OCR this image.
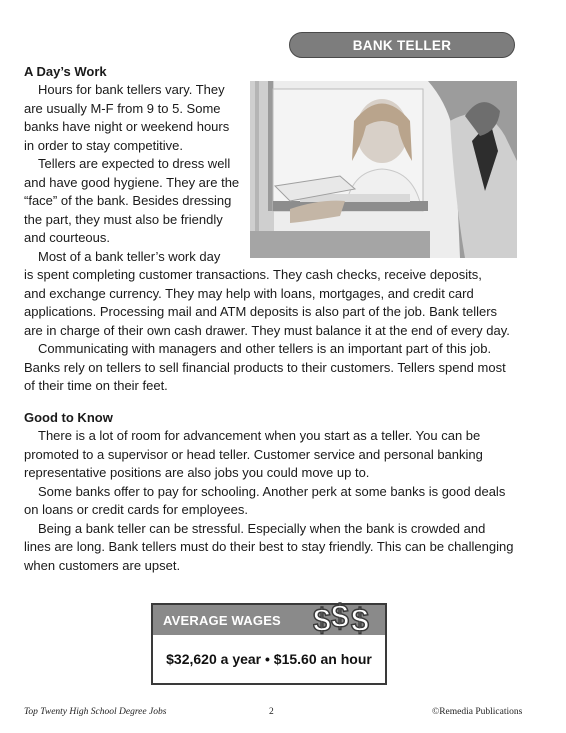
BANK TELLER
A Day’s Work
Hours for bank tellers vary. They
are usually M-F from 9 to 5. Some
banks have night or weekend hours
in order to stay competitive.
Tellers are expected to dress well
and have good hygiene. They are the
“face” of the bank. Besides dressing
the part, they must also be friendly
and courteous.
Most of a bank teller’s work day
is spent completing customer transactions. They cash checks, receive deposits,
and exchange currency. They may help with loans, mortgages, and credit card
applications. Processing mail and ATM deposits is also part of the job. Bank tellers
are in charge of their own cash drawer. They must balance it at the end of every day.
Communicating with managers and other tellers is an important part of this job.
Banks rely on tellers to sell financial products to their customers. Tellers spend most
of their time on their feet.
Good to Know
There is a lot of room for advancement when you start as a teller. You can be
promoted to a supervisor or head teller. Customer service and personal banking
representative positions are also jobs you could move up to.
Some banks offer to pay for schooling. Another perk at some banks is good deals
on loans or credit cards for employees.
Being a bank teller can be stressful. Especially when the bank is crowded and
lines are long. Bank tellers must do their best to stay friendly. This can be challenging
when customers are upset.
AVERAGE WAGES $ $ $
$32,620 a year • $15.60 an hour
Top Twenty High School Degree Jobs	2	©Remedia Publications
